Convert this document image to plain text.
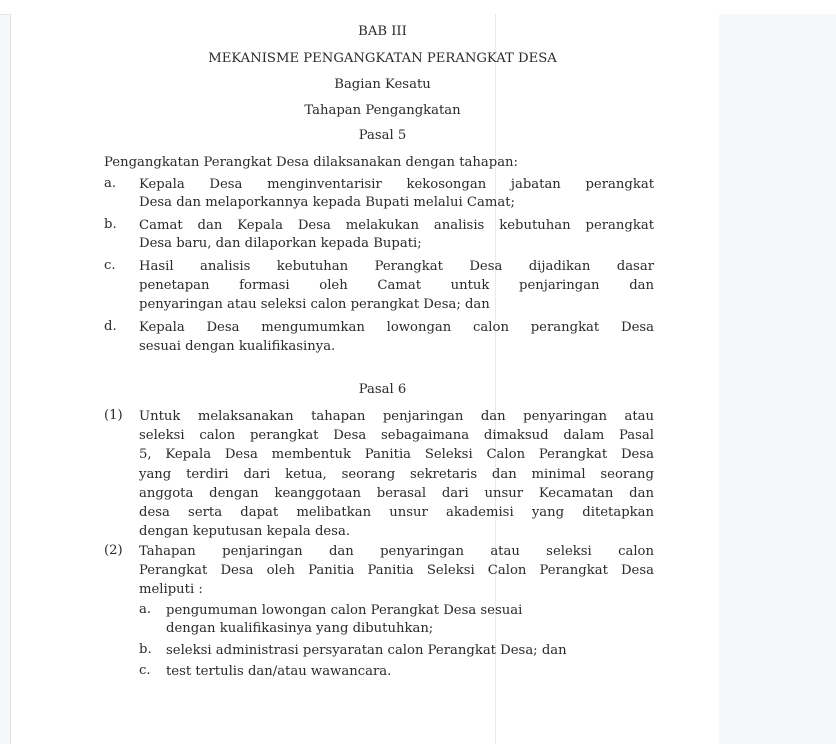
BAB III
MEKANISME PENGANGKATAN PERANGKAT DESA
Bagian Kesatu
Tahapan Pengangkatan
Pasal 5
Pengangkatan Perangkat Desa dilaksanakan dengan tahapan:
a. Kepala Desa menginventarisir kekosongan jabatan perangkat
Desa dan melaporkannya kepada Bupati melalui Camat;
b. Camat dan Kepala Desa melakukan analisis kebutuhan perangkat
Desa baru, dan dilaporkan kepada Bupati;
c. Hasil analisis kebutuhan Perangkat Desa dijadikan dasar
penetapan formasi oleh Camat untuk penjaringan dan
penyaringan atau seleksi calon perangkat Desa; dan
d. Kepala Desa mengumumkan lowongan calon perangkat Desa
sesuai dengan kualifikasinya.
Pasal 6
(1) Untuk melaksanakan tahapan penjaringan dan penyaringan atau
seleksi calon perangkat Desa sebagaimana dimaksud dalam Pasal
5, Kepala Desa membentuk Panitia Seleksi Calon Perangkat Desa
yang terdiri dari ketua, seorang sekretaris dan minimal seorang
anggota dengan keanggotaan berasal dari unsur Kecamatan dan
desa serta dapat melibatkan unsur akademisi yang ditetapkan
dengan keputusan kepala desa.
(2) Tahapan penjaringan dan penyaringan atau seleksi calon
Perangkat Desa oleh Panitia Panitia Seleksi Calon Perangkat Desa
meliputi :
a. pengumuman lowongan calon Perangkat Desa sesuai
dengan kualifikasinya yang dibutuhkan;
b. seleksi administrasi persyaratan calon Perangkat Desa; dan
c. test tertulis dan/atau wawancara.
